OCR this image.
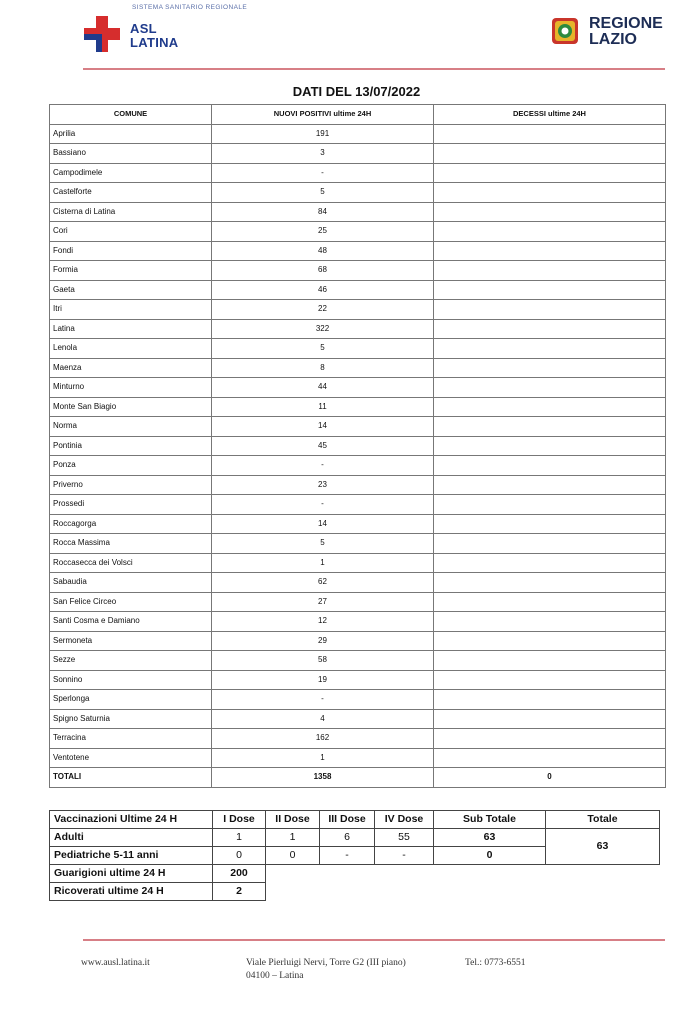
SISTEMA SANITARIO REGIONALE
ASL
LATINA
REGIONE
LAZIO
DATI DEL 13/07/2022
COMUNE	NUOVI POSITIVI ultime 24H	DECESSI ultime 24H
Aprilia	191	
Bassiano	3	
Campodimele	-	
Castelforte	5	
Cisterna di Latina	84	
Cori	25	
Fondi	48	
Formia	68	
Gaeta	46	
Itri	22	
Latina	322	
Lenola	5	
Maenza	8	
Minturno	44	
Monte San Biagio	11	
Norma	14	
Pontinia	45	
Ponza	-	
Priverno	23	
Prossedi	-	
Roccagorga	14	
Rocca Massima	5	
Roccasecca dei Volsci	1	
Sabaudia	62	
San Felice Circeo	27	
Santi Cosma e Damiano	12	
Sermoneta	29	
Sezze	58	
Sonnino	19	
Sperlonga	-	
Spigno Saturnia	4	
Terracina	162	
Ventotene	1	
TOTALI	1358	0
Vaccinazioni Ultime 24 H	I Dose	II Dose	III Dose	IV Dose	Sub Totale	Totale
Adulti	1	1	6	55	63	63
Pediatriche 5-11 anni	0	0	-	-	0	
Guarigioni ultime 24 H	200					
Ricoverati ultime 24 H	2					
www.ausl.latina.it	Viale Pierluigi Nervi, Torre G2 (III piano)
04100 – Latina
Tel.: 0773-6551
